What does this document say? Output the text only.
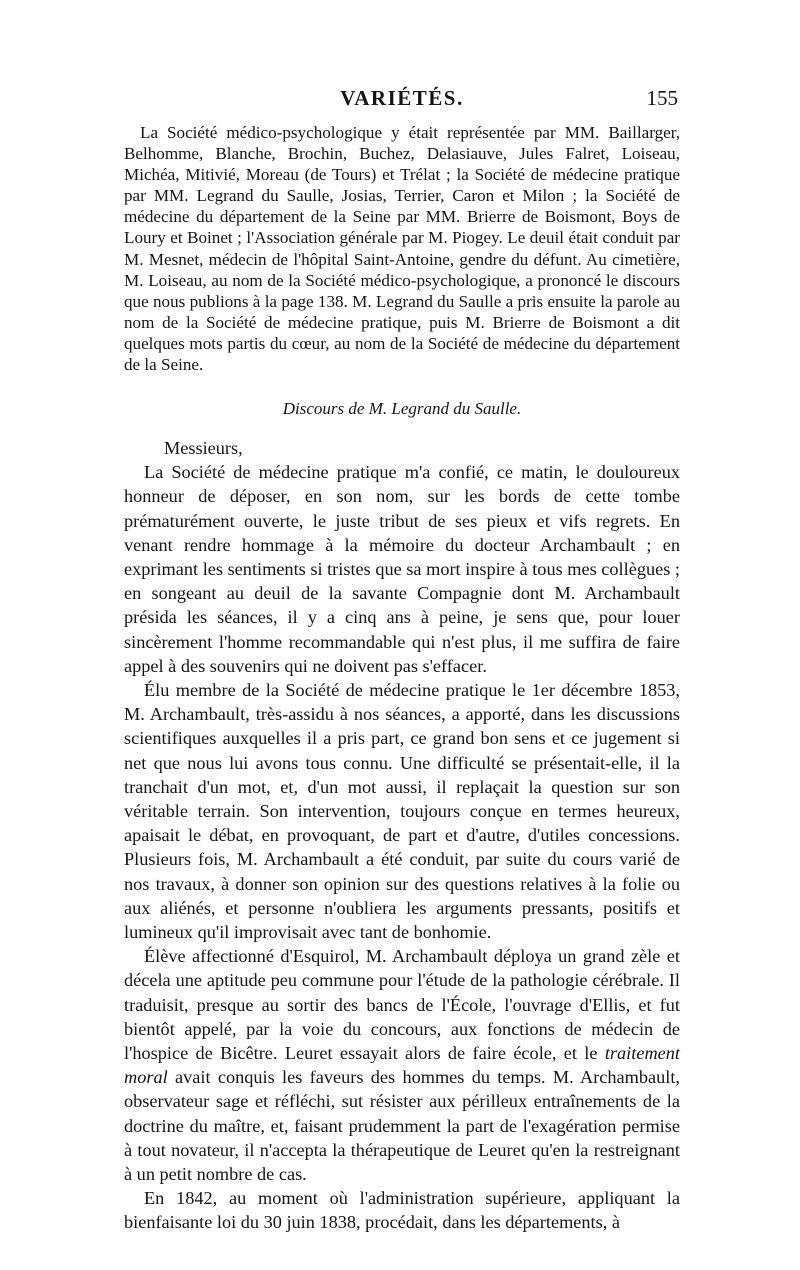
VARIÉTÉS.	155

La Société médico-psychologique y était représentée par MM. Baillarger, Belhomme, Blanche, Brochin, Buchez, Delasiauve, Jules Falret, Loiseau, Michéa, Mitivié, Moreau (de Tours) et Trélat ; la Société de médecine pratique par MM. Legrand du Saulle, Josias, Terrier, Caron et Milon ; la Société de médecine du département de la Seine par MM. Brierre de Boismont, Boys de Loury et Boinet ; l'Association générale par M. Piogey. Le deuil était conduit par M. Mesnet, médecin de l'hôpital Saint-Antoine, gendre du défunt. Au cimetière, M. Loiseau, au nom de la Société médico-psychologique, a prononcé le discours que nous publions à la page 138. M. Legrand du Saulle a pris ensuite la parole au nom de la Société de médecine pratique, puis M. Brierre de Boismont a dit quelques mots partis du cœur, au nom de la Société de médecine du département de la Seine.

Discours de M. Legrand du Saulle.

Messieurs,

La Société de médecine pratique m'a confié, ce matin, le douloureux honneur de déposer, en son nom, sur les bords de cette tombe prématurément ouverte, le juste tribut de ses pieux et vifs regrets. En venant rendre hommage à la mémoire du docteur Archambault ; en exprimant les sentiments si tristes que sa mort inspire à tous mes collègues ; en songeant au deuil de la savante Compagnie dont M. Archambault présida les séances, il y a cinq ans à peine, je sens que, pour louer sincèrement l'homme recommandable qui n'est plus, il me suffira de faire appel à des souvenirs qui ne doivent pas s'effacer.

Élu membre de la Société de médecine pratique le 1er décembre 1853, M. Archambault, très-assidu à nos séances, a apporté, dans les discussions scientifiques auxquelles il a pris part, ce grand bon sens et ce jugement si net que nous lui avons tous connu. Une difficulté se présentait-elle, il la tranchait d'un mot, et, d'un mot aussi, il replaçait la question sur son véritable terrain. Son intervention, toujours conçue en termes heureux, apaisait le débat, en provoquant, de part et d'autre, d'utiles concessions. Plusieurs fois, M. Archambault a été conduit, par suite du cours varié de nos travaux, à donner son opinion sur des questions relatives à la folie ou aux aliénés, et personne n'oubliera les arguments pressants, positifs et lumineux qu'il improvisait avec tant de bonhomie.

Élève affectionné d'Esquirol, M. Archambault déploya un grand zèle et décela une aptitude peu commune pour l'étude de la pathologie cérébrale. Il traduisit, presque au sortir des bancs de l'École, l'ouvrage d'Ellis, et fut bientôt appelé, par la voie du concours, aux fonctions de médecin de l'hospice de Bicêtre. Leuret essayait alors de faire école, et le traitement moral avait conquis les faveurs des hommes du temps. M. Archambault, observateur sage et réfléchi, sut résister aux périlleux entraînements de la doctrine du maître, et, faisant prudemment la part de l'exagération permise à tout novateur, il n'accepta la thérapeutique de Leuret qu'en la restreignant à un petit nombre de cas.

En 1842, au moment où l'administration supérieure, appliquant la bienfaisante loi du 30 juin 1838, procédait, dans les départements, à
